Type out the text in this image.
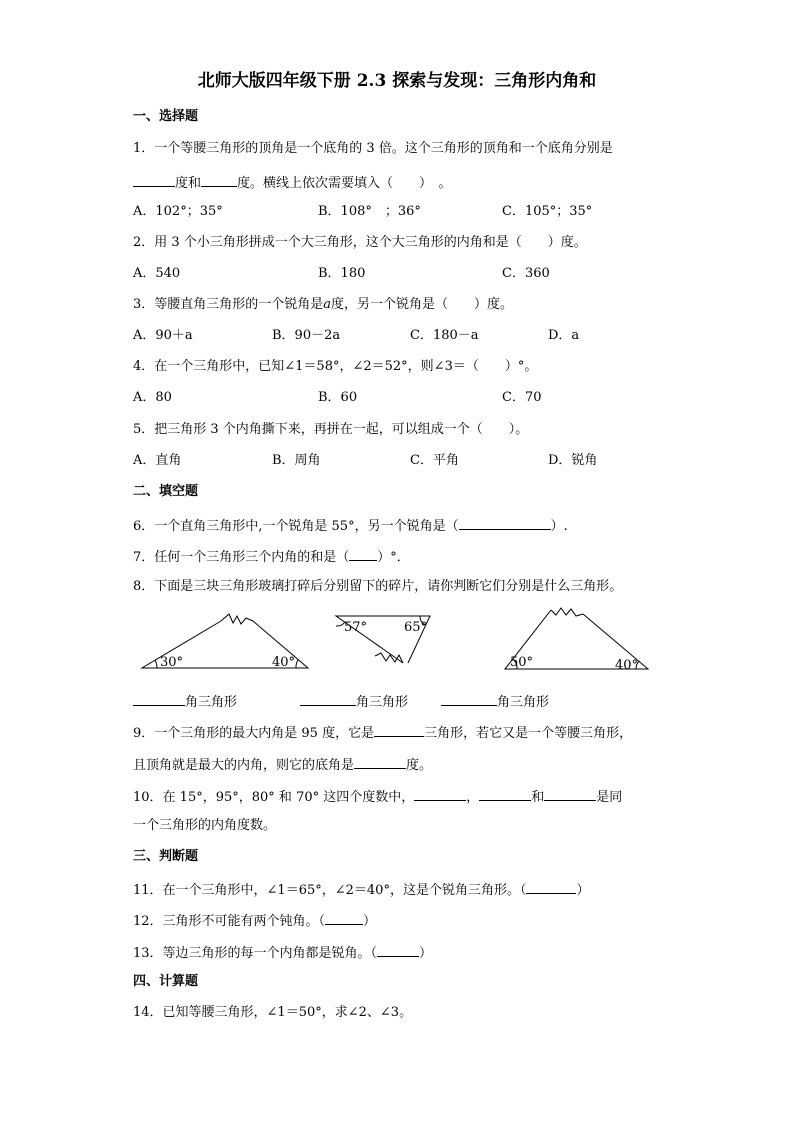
北师大版四年级下册 2.3 探索与发现：三角形内角和
一、选择题
1．一个等腰三角形的顶角是一个底角的 3 倍。这个三角形的顶角和一个底角分别是
度和	度。横线上依次需要填入（　　）　。
A．102°；35°	B．108°　；36°	C．105°；35°
2．用 3 个小三角形拼成一个大三角形，这个大三角形的内角和是（　　）度。
A．540	B．180	C．360
3．等腰直角三角形的一个锐角是a度，另一个锐角是（　　）度。
A．90＋a	B．90－2a	C．180－a	D．a
4．在一个三角形中，已知∠1＝58°，∠2＝52°，则∠3＝（　　）°。
A．80	B．60	C．70
5．把三角形 3 个内角撕下来，再拼在一起，可以组成一个（　　）。
A．直角	B．周角	C．平角	D．锐角
二、填空题
6．一个直角三角形中,一个锐角是 55°，另一个锐角是（	）.
7．任何一个三角形三个内角的和是（ ）°．
8．下面是三块三角形玻璃打碎后分别留下的碎片，请你判断它们分别是什么三角形。
30°	40°
57°	65°
50°	40°
角三角形	角三角形	角三角形
9．一个三角形的最大内角是 95 度，它是	三角形，若它又是一个等腰三角形，
且顶角就是最大的内角，则它的底角是	度。
10．在 15°，95°，80° 和 70° 这四个度数中，	，	和	是同
一个三角形的内角度数。
三、判断题
11．在一个三角形中，∠1＝65°，∠2＝40°，这是个锐角三角形。（	）
12．三角形不可能有两个钝角。（	）
13．等边三角形的每一个内角都是锐角。（	）
四、计算题
14．已知等腰三角形，∠1＝50°，求∠2、∠3。
